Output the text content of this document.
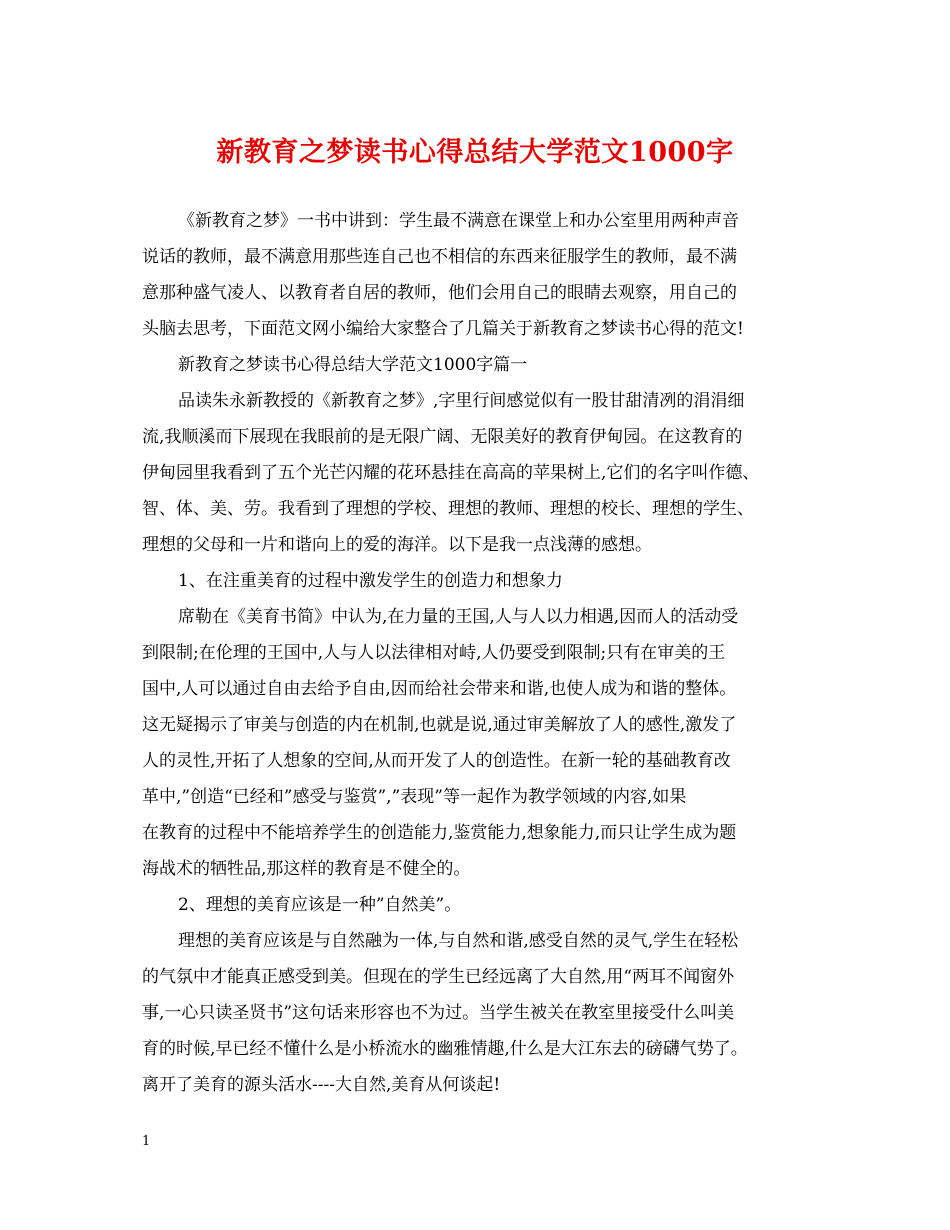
新教育之梦读书心得总结大学范文1000字
《新教育之梦》一书中讲到：学生最不满意在课堂上和办公室里用两种声音
说话的教师，最不满意用那些连自己也不相信的东西来征服学生的教师，最不满
意那种盛气凌人、以教育者自居的教师，他们会用自己的眼睛去观察，用自己的
头脑去思考，下面范文网小编给大家整合了几篇关于新教育之梦读书心得的范文!
新教育之梦读书心得总结大学范文1000字篇一
品读朱永新教授的《新教育之梦》,字里行间感觉似有一股甘甜清冽的涓涓细
流,我顺溪而下展现在我眼前的是无限广阔、无限美好的教育伊甸园。在这教育的
伊甸园里我看到了五个光芒闪耀的花环悬挂在高高的苹果树上,它们的名字叫作德、
智、体、美、劳。我看到了理想的学校、理想的教师、理想的校长、理想的学生、
理想的父母和一片和谐向上的爱的海洋。以下是我一点浅薄的感想。
1、在注重美育的过程中激发学生的创造力和想象力
席勒在《美育书简》中认为,在力量的王国,人与人以力相遇,因而人的活动受
到限制;在伦理的王国中,人与人以法律相对峙,人仍要受到限制;只有在审美的王
国中,人可以通过自由去给予自由,因而给社会带来和谐,也使人成为和谐的整体。
这无疑揭示了审美与创造的内在机制,也就是说,通过审美解放了人的感性,激发了
人的灵性,开拓了人想象的空间,从而开发了人的创造性。在新一轮的基础教育改
革中,”创造“已经和”感受与鉴赏”,”表现”等一起作为教学领域的内容,如果
在教育的过程中不能培养学生的创造能力,鉴赏能力,想象能力,而只让学生成为题
海战术的牺牲品,那这样的教育是不健全的。
2、理想的美育应该是一种”自然美”。
理想的美育应该是与自然融为一体,与自然和谐,感受自然的灵气,学生在轻松
的气氛中才能真正感受到美。但现在的学生已经远离了大自然,用“两耳不闻窗外
事,一心只读圣贤书”这句话来形容也不为过。当学生被关在教室里接受什么叫美
育的时候,早已经不懂什么是小桥流水的幽雅情趣,什么是大江东去的磅礴气势了。
离开了美育的源头活水----大自然,美育从何谈起!
1
